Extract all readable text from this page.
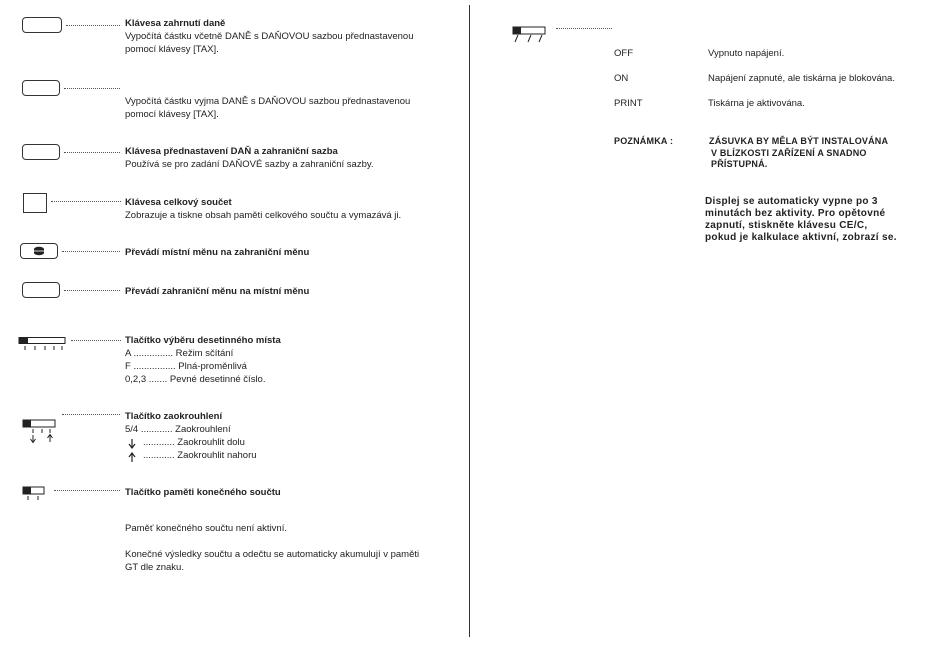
Klávesa zahrnutí daně
Vypočítá částku včetně DANĚ s DAŇOVOU sazbou přednastavenou
pomocí klávesy [TAX].
Vypočítá částku vyjma DANĚ s DAŇOVOU sazbou přednastavenou
pomocí klávesy [TAX].
Klávesa přednastavení DAŇ a zahraniční sazba
Používá se pro zadání DAŇOVÉ sazby a zahraniční sazby.
Klávesa celkový součet
Zobrazuje a tiskne obsah paměti celkového součtu a vymazává ji.
Převádí místní měnu na zahraniční měnu
Převádí zahraniční měnu na místní měnu
Tlačítko výběru desetinného místa
A ............... Režim sčítání
F ................ Plná-proměnlivá
0,2,3 ....... Pevné desetinné číslo.
Tlačítko zaokrouhlení
5/4 ............ Zaokrouhlení
............ Zaokrouhlit dolu
............ Zaokrouhlit nahoru
Tlačítko paměti konečného součtu
Paměť konečného součtu není aktivní.
Konečné výsledky součtu a odečtu se automaticky akumulují v paměti
GT dle znaku.
OFF	Vypnuto napájení.
ON	Napájení zapnuté, ale tiskárna je blokována.
PRINT	Tiskárna je aktivována.
POZNÁMKA :	ZÁSUVKA BY MĚLA BÝT INSTALOVÁNA
V BLÍZKOSTI ZAŘÍZENÍ A SNADNO
PŘÍSTUPNÁ.
Displej se automaticky vypne po 3
minutách bez aktivity. Pro opětovné
zapnutí, stiskněte klávesu CE/C,
pokud je kalkulace aktivní, zobrazí se.
